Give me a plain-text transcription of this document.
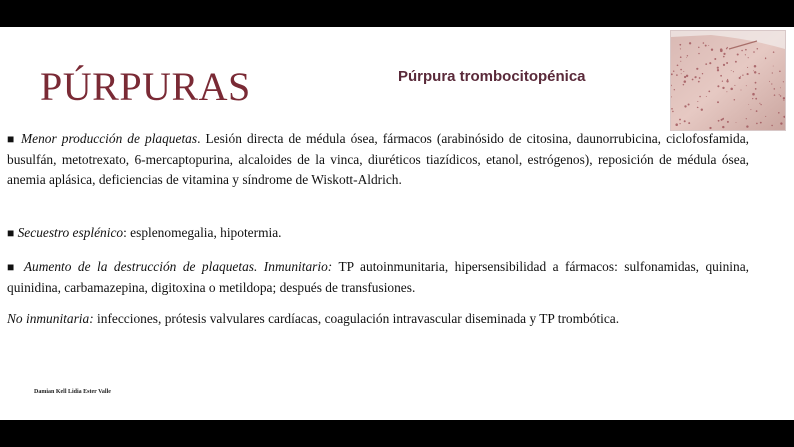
PÚRPURAS	Púrpura trombocitopénica
■ Menor producción de plaquetas. Lesión directa de médula ósea, fármacos (arabinósido de citosina, daunorrubicina, ciclofosfamida, busulfán, metotrexato, 6-mercaptopurina, alcaloides de la vinca, diuréticos tiazídicos, etanol, estrógenos), reposición de médula ósea, anemia aplásica, deficiencias de vitamina y síndrome de Wiskott-Aldrich.
■ Secuestro esplénico: esplenomegalia, hipotermia.
■ Aumento de la destrucción de plaquetas. Inmunitario: TP autoinmunitaria, hipersensibilidad a fármacos: sulfonamidas, quinina, quinidina, carbamazepina, digitoxina o metildopa; después de transfusiones.
No inmunitaria: infecciones, prótesis valvulares cardíacas, coagulación intravascular diseminada y TP trombótica.
Damian Kell Lidia Ester Valle
